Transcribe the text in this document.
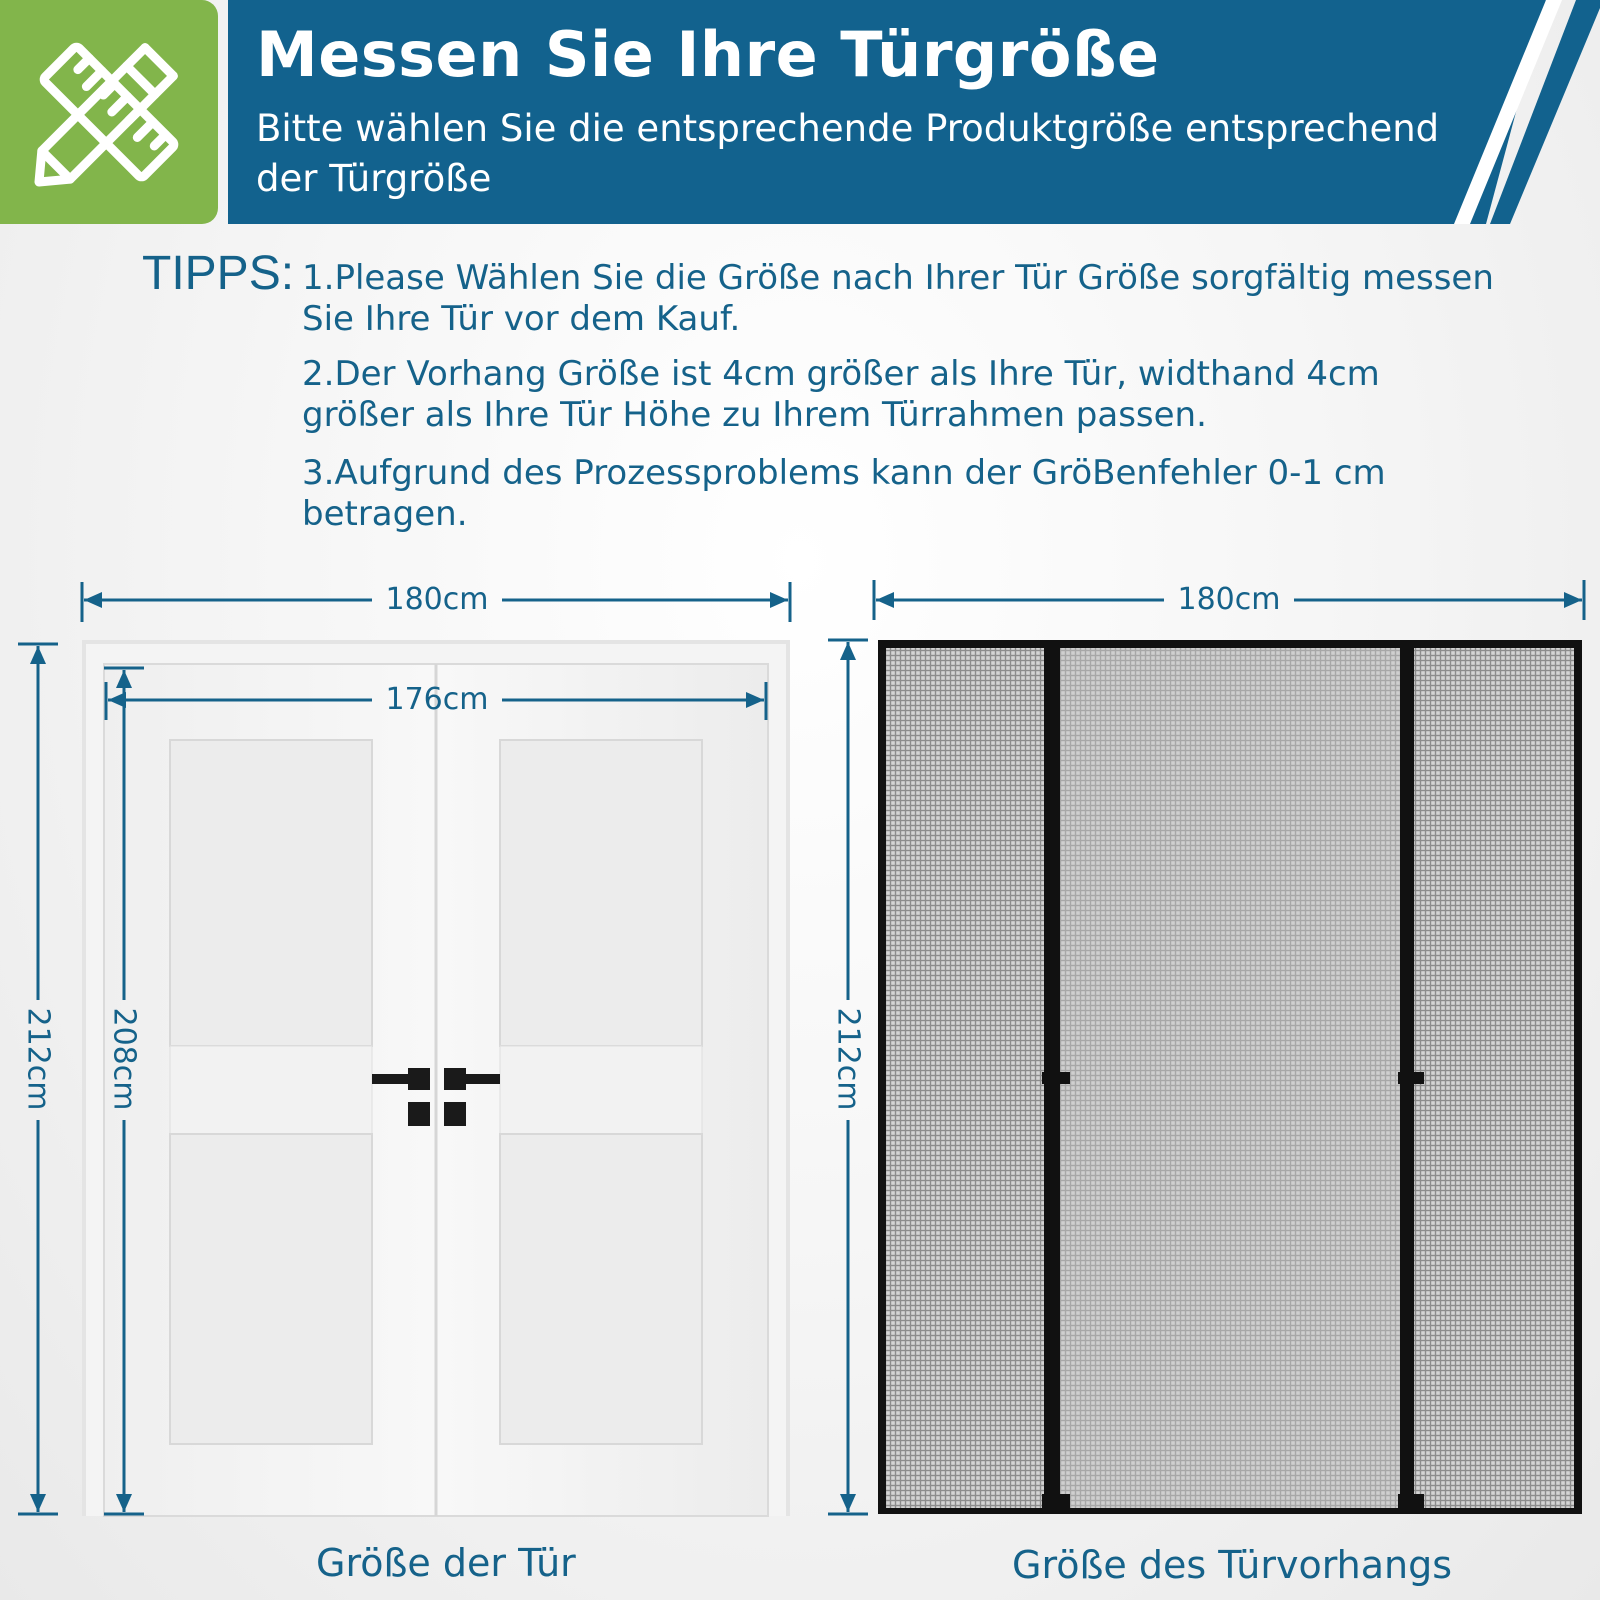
Messen Sie Ihre Türgröße
Bitte wählen Sie die entsprechende Produktgröße entsprechend der Türgröße
TIPPS: 1.Please Wählen Sie die Größe nach Ihrer Tür Größe sorgfältig messen Sie Ihre Tür vor dem Kauf.
2.Der Vorhang Größe ist 4cm größer als Ihre Tür, widthand 4cm größer als Ihre Tür Höhe zu Ihrem Türrahmen passen.
3.Aufgrund des Prozessproblems kann der GröBenfehler 0-1 cm betragen.
180cm
176cm
212cm 208cm
180cm
212cm
Größe der Tür	Größe des Türvorhangs
